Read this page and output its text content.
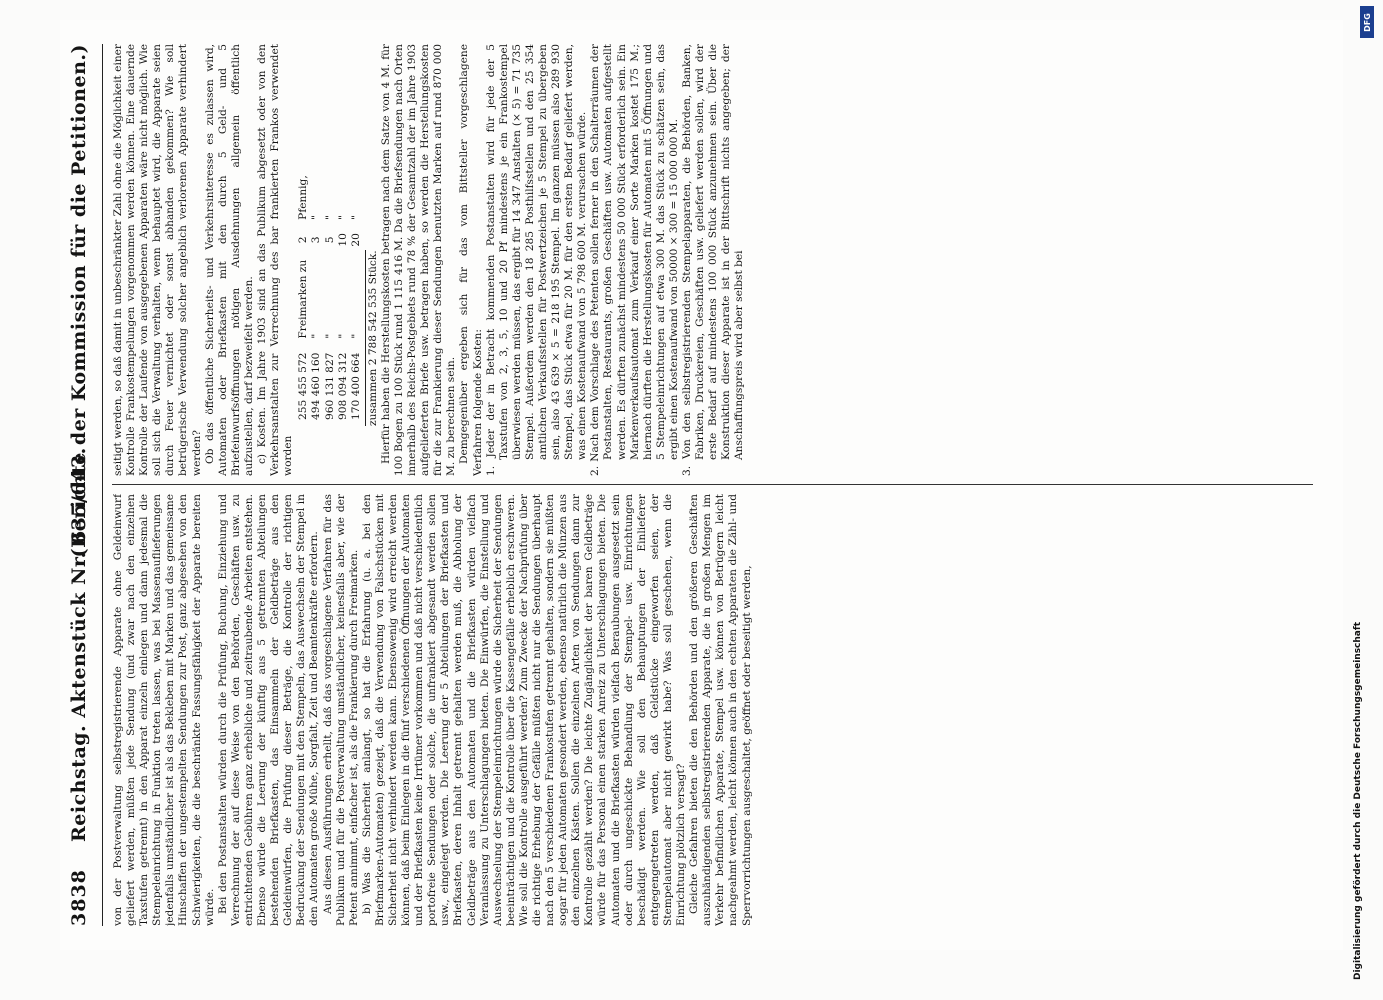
3838
Reichstag. Aktenstück Nr. 635/643.
(Berichte der Kommission für die Petitionen.)

von der Postverwaltung selbstregistrierende Apparate ohne Geldeinwurf geliefert werden, müßten jede Sendung (und zwar nach den einzelnen Taxstufen getrennt) in den Apparat einzeln einlegen und dann jedesmal die Stempeleinrichtung in Funktion treten lassen, was bei Massenauflieferungen jedenfalls umständlicher ist als das Bekleben mit Marken und das gemeinsame Hinschaffen der ungestempelten Sendungen zur Post, ganz abgesehen von den Schwierigkeiten, die die beschränkte Fassungsfähigkeit der Apparate bereiten würde. Bei den Postanstalten würden durch die Prüfung, Buchung, Einziehung und Verrechnung der auf diese Weise von den Behörden, Geschäften usw. zu entrichtenden Gebühren ganz erhebliche und zeitraubende Arbeiten entstehen. Ebenso würde die Leerung der künftig aus 5 getrennten Abteilungen bestehenden Briefkasten, das Einsammeln der Geldbeträge aus den Geldeinwürfen, die Prüfung dieser Beträge, die Kontrolle der richtigen Bedruckung der Sendungen mit den Stempeln, das Auswechseln der Stempel in den Automaten große Mühe, Sorgfalt, Zeit und Beamtenkräfte erfordern. Aus diesen Ausführungen erhellt, daß das vorgeschlagene Verfahren für das Publikum und für die Postverwaltung umständlicher, keinesfalls aber, wie der Petent annimmt, einfacher ist, als die Frankierung durch Freimarken. b) Was die Sicherheit anlangt, so hat die Erfahrung (u. a. bei den Briefmarken-Automaten) gezeigt, daß die Verwendung von Falschstücken mit Sicherheit nicht verhindert werden kann. Ebensowenig wird erreicht werden können, daß beim Einlegen in die fünf verschiedenen Öffnungen der Automaten und der Briefkasten keine Irrtümer vorkommen und daß nicht verschiedentlich portofreie Sendungen oder solche, die unfrankiert abgesandt werden sollen usw., eingelegt werden. Die Leerung der 5 Abteilungen der Briefkasten und Briefkasten, deren Inhalt getrennt gehalten werden muß, die Abholung der Geldbeträge aus den Automaten und die Briefkasten würden vielfach Veranlassung zu Unterschlagungen bieten. Die Einwürfen, die Einstellung und Auswechselung der Stempeleinrichtungen würde die Sicherheit der Sendungen beeinträchtigen und die Kontrolle über die Kassengefälle erheblich erschweren. Wie soll die Kontrolle ausgeführt werden? Zum Zwecke der Nachprüfung über die richtige Erhebung der Gefälle müßten nicht nur die Sendungen überhaupt nach den 5 verschiedenen Frankostufen getrennt gehalten, sondern sie müßten sogar für jeden Automaten gesondert werden, ebenso natürlich die Münzen aus den einzelnen Kästen. Sollen die einzelnen Arten von Sendungen dann zur Kontrolle gezählt werden? Die leichte Zugänglichkeit der baren Geldbeträge würde für das Personal einen starken Anreiz zu Unterschlagungen bieten. Die Automaten und die Briefkasten würden vielfach Beraubungen ausgesetzt sein oder durch ungeschickte Behandlung der Stempel- usw. Einrichtungen beschädigt werden. Wie soll den Behauptungen der Einlieferer entgegengetreten werden, daß Geldstücke eingeworfen seien, der Stempelautomat aber nicht gewirkt habe? Was soll geschehen, wenn die Einrichtung plötzlich versagt? Gleiche Gefahren bieten die den Behörden und den größeren Geschäften auszuhändigenden selbstregistrierenden Apparate, die in großen Mengen im Verkehr befindlichen Apparate, Stempel usw. können von Betrügern leicht nachgeahmt werden, leicht können auch in den echten Apparaten die Zähl- und Sperrvorrichtungen ausgeschaltet, geöffnet oder beseitigt werden,

seitigt werden, so daß damit in unbeschränkter Zahl ohne die Möglichkeit einer Kontrolle Frankostempelungen vorgenommen werden können. Eine dauernde Kontrolle der Laufende von ausgegebenen Apparaten wäre nicht möglich. Wie soll sich die Verwaltung verhalten, wenn behauptet wird, die Apparate seien durch Feuer vernichtet oder sonst abhanden gekommen? Wie soll betrügerische Verwendung solcher angeblich verlorenen Apparate verhindert werden? Ob das öffentliche Sicherheits- und Verkehrsinteresse es zulassen wird, Automaten oder Briefkasten mit den durch 5 Geld- und 5 Briefeinwurfsöffnungen nötigen Ausdehnungen allgemein öffentlich aufzustellen, darf bezweifelt werden. c) Kosten. Im Jahre 1903 sind an das Publikum abgesetzt oder von den Verkehrsanstalten zur Verrechnung des bar frankierten Frankos verwendet worden

255 455 572	Freimarken zu	2	Pfennig,
494 460 160	"	3	"
960 131 827	"	5	"
908 094 312	"	10	"
170 400 664	"	20	"

zusammen 2 788 542 535 Stück. Hierfür haben die Herstellungskosten betragen nach dem Satze von 4 M. für 100 Bogen zu 100 Stück rund 1 115 416 M. Da die Briefsendungen nach Orten innerhalb des Reichs-Postgebiets rund 78 % der Gesamtzahl der im Jahre 1903 aufgelieferten Briefe usw. betragen haben, so werden die Herstellungskosten für die zur Frankierung dieser Sendungen benutzten Marken auf rund 870 000 M. zu berechnen sein. Demgegenüber ergeben sich für das vom Bittsteller vorgeschlagene Verfahren folgende Kosten: 1. Jeder der in Betracht kommenden Postanstalten wird für jede der 5 Taxstufen von 2, 3, 5, 10 und 20 Pf mindestens je ein Frankostempel überwiesen werden müssen, das ergibt für 14 347 Anstalten (× 5) = 71 735 Stempel. Außerdem werden den 18 285 Posthilfsstellen und den 25 354 amtlichen Verkaufsstellen für Postwertzeichen je 5 Stempel zu übergeben sein, also 43 639 × 5 = 218 195 Stempel. Im ganzen müssen also 289 930 Stempel, das Stück etwa für 20 M. für den ersten Bedarf geliefert werden, was einen Kostenaufwand von 5 798 600 M. verursachen würde. 2. Nach dem Vorschlage des Petenten sollen ferner in den Schalterräumen der Postanstalten, Restaurants, großen Geschäften usw. Automaten aufgestellt werden. Es dürften zunächst mindestens 50 000 Stück erforderlich sein. Ein Markenverkaufsautomat zum Verkauf einer Sorte Marken kostet 175 M.; hiernach dürften die Herstellungskosten für Automaten mit 5 Öffnungen und 5 Stempeleinrichtungen auf etwa 300 M. das Stück zu schätzen sein, das ergibt einen Kostenaufwand von 50000 × 300 = 15 000 000 M. 3. Von den selbstregistrierenden Stempelapparaten, die Behörden, Banken, Fabriken, Druckereien, Geschäften usw. geliefert werden sollen, wird der erste Bedarf auf mindestens 100 000 Stück anzunehmen sein. Über die Konstruktion dieser Apparate ist in der Bittschrift nichts angegeben; der Anschaffungspreis wird aber selbst bei

Digitalisierung gefördert durch die Deutsche Forschungsgemeinschaft
DFG
